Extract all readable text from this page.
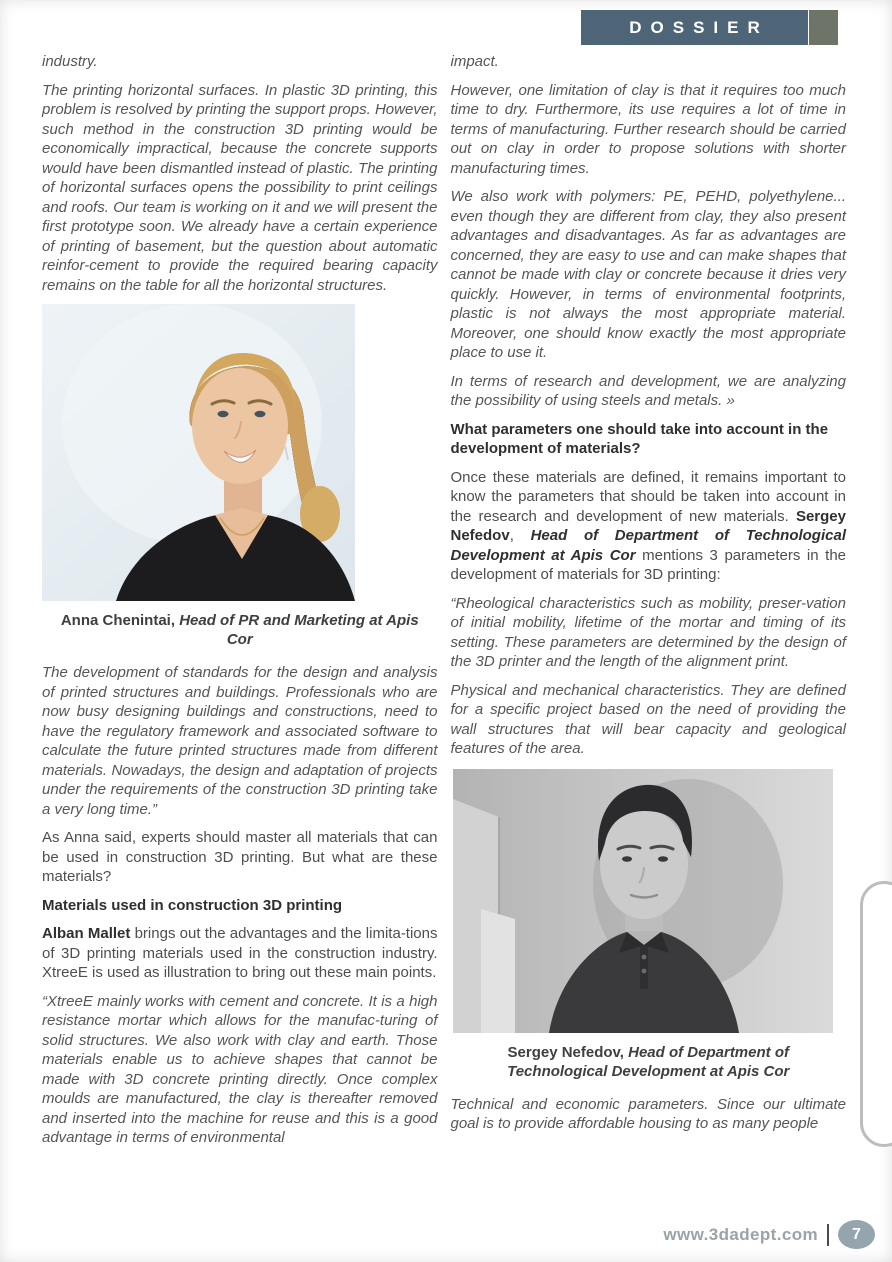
DOSSIER

industry.

The printing horizontal surfaces. In plastic 3D printing, this problem is resolved by printing the support props. However, such method in the construction 3D printing would be economically impractical, because the concrete supports would have been dismantled instead of plastic. The printing of horizontal surfaces opens the possibility to print ceilings and roofs. Our team is working on it and we will present the first prototype soon. We already have a certain experience of printing of basement, but the question about automatic reinfor-cement to provide the required bearing capacity remains on the table for all the horizontal structures.

Anna Chenintai, Head of PR and Marketing at Apis Cor

The development of standards for the design and analysis of printed structures and buildings. Professionals who are now busy designing buildings and constructions, need to have the regulatory framework and associated software to calculate the future printed structures made from different materials. Nowadays, the design and adaptation of projects under the requirements of the construction 3D printing take a very long time.”

As Anna said, experts should master all materials that can be used in construction 3D printing. But what are these materials?

Materials used in construction 3D printing

Alban Mallet brings out the advantages and the limita-tions of 3D printing materials used in the construction industry. XtreeE is used as illustration to bring out these main points.

“XtreeE mainly works with cement and concrete. It is a high resistance mortar which allows for the manufac-turing of solid structures. We also work with clay and earth. Those materials enable us to achieve shapes that cannot be made with 3D concrete printing directly. Once complex moulds are manufactured, the clay is thereafter removed and inserted into the machine for reuse and this is a good advantage in terms of environmental

impact.

However, one limitation of clay is that it requires too much time to dry. Furthermore, its use requires a lot of time in terms of manufacturing. Further research should be carried out on clay in order to propose solutions with shorter manufacturing times.

We also work with polymers: PE, PEHD, polyethylene... even though they are different from clay, they also present advantages and disadvantages. As far as advantages are concerned, they are easy to use and can make shapes that cannot be made with clay or concrete because it dries very quickly. However, in terms of environmental footprints, plastic is not always the most appropriate material. Moreover, one should know exactly the most appropriate place to use it.

In terms of research and development, we are analyzing the possibility of using steels and metals. »

What parameters one should take into account in the development of materials?

Once these materials are defined, it remains important to know the parameters that should be taken into account in the research and development of new materials. Sergey Nefedov, Head of Department of Technological Development at Apis Cor mentions 3 parameters in the development of materials for 3D printing:

“Rheological characteristics such as mobility, preser-vation of initial mobility, lifetime of the mortar and timing of its setting. These parameters are determined by the design of the 3D printer and the length of the alignment print.

Physical and mechanical characteristics. They are defined for a specific project based on the need of providing the wall structures that will bear capacity and geological features of the area.

Sergey Nefedov, Head of Department of Technological Development at Apis Cor

Technical and economic parameters. Since our ultimate goal is to provide affordable housing to as many people

www.3dadept.com	7
